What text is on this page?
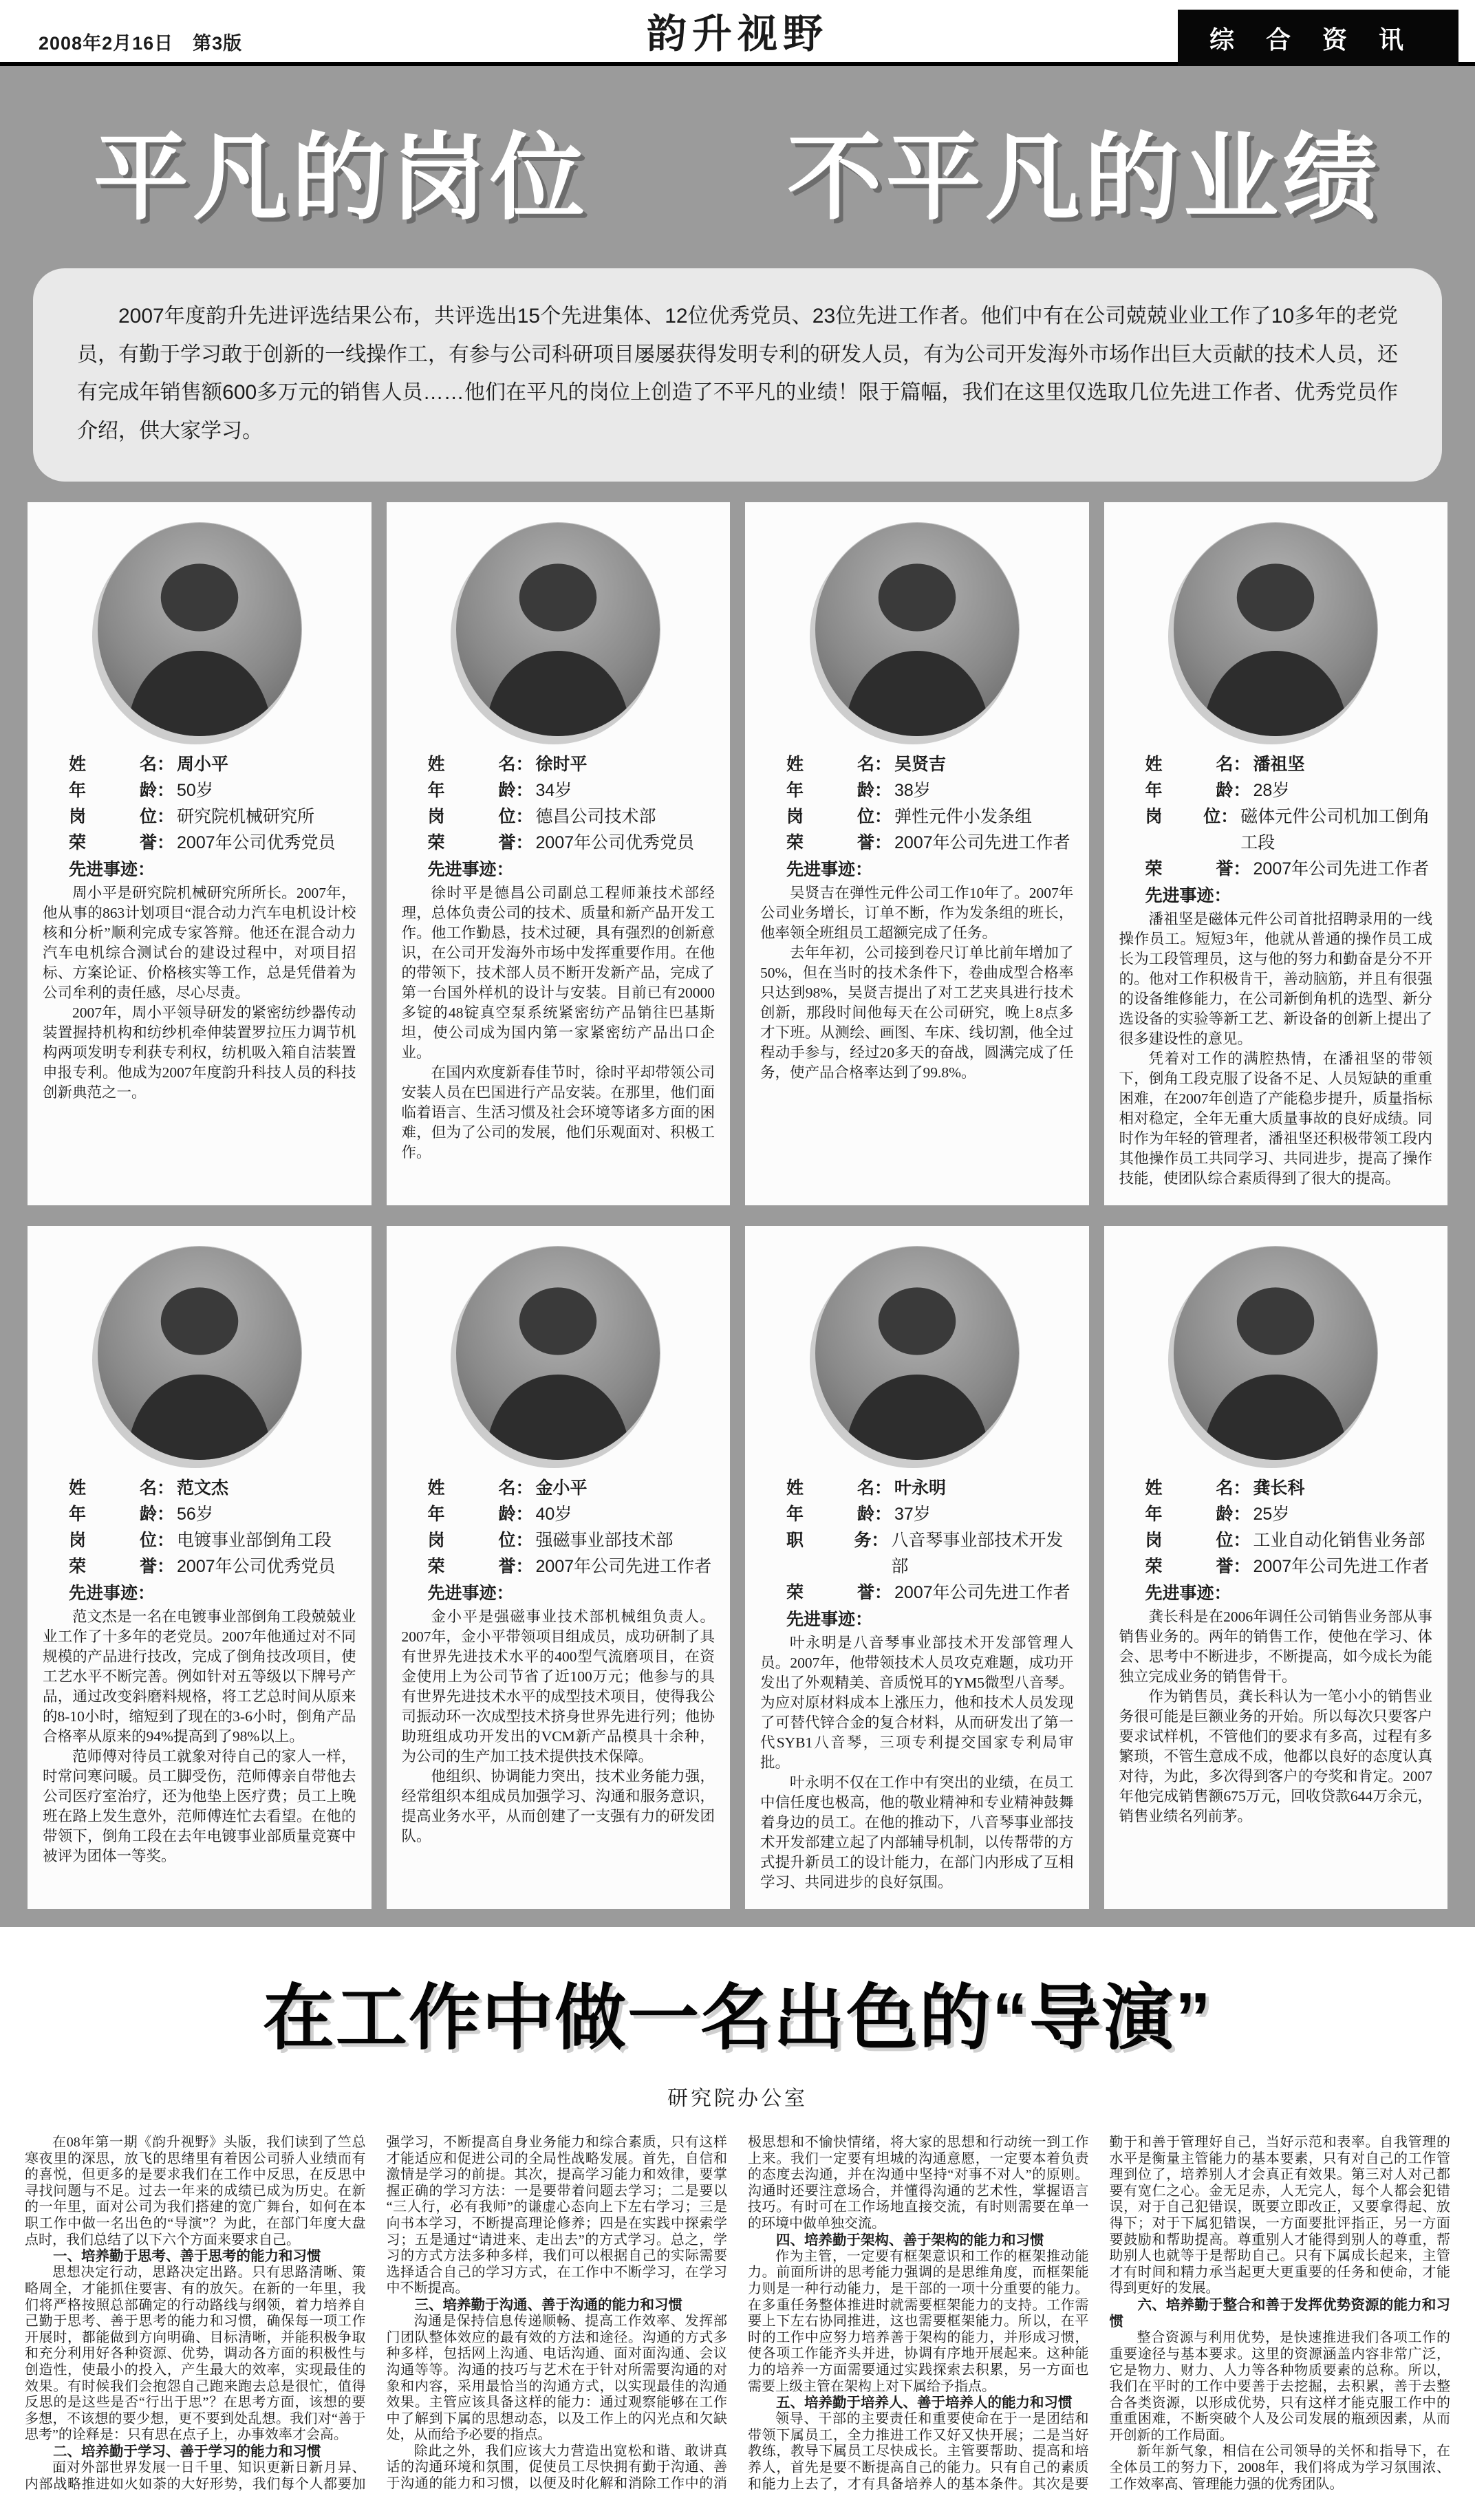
2008年2月16日　第3版	韵升视野	综合资讯
平凡的岗位　　不平凡的业绩
2007年度韵升先进评选结果公布，共评选出15个先进集体、12位优秀党员、23位先进工作者。他们中有在公司兢兢业业工作了10多年的老党员，有勤于学习敢于创新的一线操作工，有参与公司科研项目屡屡获得发明专利的研发人员，有为公司开发海外市场作出巨大贡献的技术人员，还有完成年销售额600多万元的销售人员……他们在平凡的岗位上创造了不平凡的业绩！限于篇幅，我们在这里仅选取几位先进工作者、优秀党员作介绍，供大家学习。
姓	名 ： 周小平
年	龄 ： 50岁
岗	位 ： 研究院机械研究所
荣	誉 ： 2007年公司优秀党员
先进事迹：

周小平是研究院机械研究所所长。2007年，他从事的863计划项目“混合动力汽车电机设计校核和分析”顺利完成专家答辩。他还在混合动力汽车电机综合测试台的建设过程中，对项目招标、方案论证、价格核实等工作，总是凭借着为公司牟利的责任感，尽心尽责。

2007年，周小平领导研发的紧密纺纱器传动装置握持机构和纺纱机牵伸装置罗拉压力调节机构两项发明专利获专利权，纺机吸入箱自洁装置申报专利。他成为2007年度韵升科技人员的科技创新典范之一。

姓	名 ： 徐时平
年	龄 ： 34岁
岗	位 ： 德昌公司技术部
荣	誉 ： 2007年公司优秀党员
先进事迹：

徐时平是德昌公司副总工程师兼技术部经理，总体负责公司的技术、质量和新产品开发工作。他工作勤恳，技术过硬，具有强烈的创新意识，在公司开发海外市场中发挥重要作用。在他的带领下，技术部人员不断开发新产品，完成了第一台国外样机的设计与安装。目前已有20000多锭的48锭真空泵系统紧密纺产品销往巴基斯坦，使公司成为国内第一家紧密纺产品出口企业。

在国内欢度新春佳节时，徐时平却带领公司安装人员在巴国进行产品安装。在那里，他们面临着语言、生活习惯及社会环境等诸多方面的困难，但为了公司的发展，他们乐观面对、积极工作。

姓	名 ： 吴贤吉
年	龄 ： 38岁
岗	位 ： 弹性元件小发条组
荣	誉 ： 2007年公司先进工作者
先进事迹：

吴贤吉在弹性元件公司工作10年了。2007年公司业务增长，订单不断，作为发条组的班长，他率领全班组员工超额完成了任务。

去年年初，公司接到卷尺订单比前年增加了50%，但在当时的技术条件下，卷曲成型合格率只达到98%，吴贤吉提出了对工艺夹具进行技术创新，那段时间他每天在公司研究，晚上8点多才下班。从测绘、画图、车床、线切割，他全过程动手参与，经过20多天的奋战，圆满完成了任务，使产品合格率达到了99.8%。

姓	名 ： 潘祖坚
年	龄 ： 28岁
岗 位 ： 磁体元件公司机加工倒角工段
荣	誉 ： 2007年公司先进工作者
先进事迹：

潘祖坚是磁体元件公司首批招聘录用的一线操作员工。短短3年，他就从普通的操作员工成长为工段管理员，这与他的努力和勤奋是分不开的。他对工作积极肯干，善动脑筋，并且有很强的设备维修能力，在公司新倒角机的选型、新分选设备的实验等新工艺、新设备的创新上提出了很多建设性的意见。

凭着对工作的满腔热情，在潘祖坚的带领下，倒角工段克服了设备不足、人员短缺的重重困难，在2007年创造了产能稳步提升，质量指标相对稳定，全年无重大质量事故的良好成绩。同时作为年轻的管理者，潘祖坚还积极带领工段内其他操作员工共同学习、共同进步，提高了操作技能，使团队综合素质得到了很大的提高。

姓	名 ： 范文杰
年	龄 ： 56岁
岗	位 ： 电镀事业部倒角工段
荣	誉 ： 2007年公司优秀党员
先进事迹：

范文杰是一名在电镀事业部倒角工段兢兢业业工作了十多年的老党员。2007年他通过对不同规模的产品进行技改，完成了倒角技改项目，使工艺水平不断完善。例如针对五等级以下牌号产品，通过改变斜磨料规格，将工艺总时间从原来的8-10小时，缩短到了现在的3-6小时，倒角产品合格率从原来的94%提高到了98%以上。

范师傅对待员工就象对待自己的家人一样，时常问寒问暖。员工脚受伤，范师傅亲自带他去公司医疗室治疗，还为他垫上医疗费；员工上晚班在路上发生意外，范师傅连忙去看望。在他的带领下，倒角工段在去年电镀事业部质量竞赛中被评为团体一等奖。

姓	名 ： 金小平
年	龄 ： 40岁
岗	位 ： 强磁事业部技术部
荣	誉 ： 2007年公司先进工作者
先进事迹：

金小平是强磁事业技术部机械组负责人。2007年，金小平带领项目组成员，成功研制了具有世界先进技术水平的400型气流磨项目，在资金使用上为公司节省了近100万元；他参与的具有世界先进技术水平的成型技术项目，使得我公司振动环一次成型技术挤身世界先进行列；他协助班组成功开发出的VCM新产品模具十余种，为公司的生产加工技术提供技术保障。

他组织、协调能力突出，技术业务能力强，经常组织本组成员加强学习、沟通和服务意识，提高业务水平，从而创建了一支强有力的研发团队。

姓	名 ： 叶永明
年	龄 ： 37岁
职	务 ： 八音琴事业部技术开发部
荣	誉 ： 2007年公司先进工作者
先进事迹：

叶永明是八音琴事业部技术开发部管理人员。2007年，他带领技术人员攻克难题，成功开发出了外观精美、音质悦耳的YM5微型八音琴。为应对原材料成本上涨压力，他和技术人员发现了可替代锌合金的复合材料，从而研发出了第一代SYB1八音琴，三项专利提交国家专利局审批。

叶永明不仅在工作中有突出的业绩，在员工中信任度也极高，他的敬业精神和专业精神鼓舞着身边的员工。在他的推动下，八音琴事业部技术开发部建立起了内部辅导机制，以传帮带的方式提升新员工的设计能力，在部门内形成了互相学习、共同进步的良好氛围。

姓	名 ： 龚长科
年	龄 ： 25岁
岗	位 ： 工业自动化销售业务部
荣	誉 ： 2007年公司先进工作者
先进事迹：

龚长科是在2006年调任公司销售业务部从事销售业务的。两年的销售工作，使他在学习、体会、思考中不断进步，不断提高，如今成长为能独立完成业务的销售骨干。

作为销售员，龚长科认为一笔小小的销售业务很可能是巨额业务的开始。所以每次只要客户要求试样机，不管他们的要求有多高，过程有多繁琐，不管生意成不成，他都以良好的态度认真对待，为此，多次得到客户的夸奖和肯定。2007年他完成销售额675万元，回收贷款644万余元，销售业绩名列前茅。

在工作中做一名出色的“导演”
研究院办公室

在08年第一期《韵升视野》头版，我们读到了竺总寒夜里的深思，放飞的思绪里有着因公司骄人业绩而有的喜悦，但更多的是要求我们在工作中反思，在反思中寻找问题与不足。过去一年来的成绩已成为历史。在新的一年里，面对公司为我们搭建的宽广舞台，如何在本职工作中做一名出色的“导演”？为此，在部门年度大盘点时，我们总结了以下六个方面来要求自己。

一、培养勤于思考、善于思考的能力和习惯

思想决定行动，思路决定出路。只有思路清晰、策略周全，才能抓住要害、有的放矢。在新的一年里，我们将严格按照总部确定的行动路线与纲领，着力培养自己勤于思考、善于思考的能力和习惯，确保每一项工作开展时，都能做到方向明确、目标清晰，并能积极争取和充分利用好各种资源、优势，调动各方面的积极性与创造性，使最小的投入，产生最大的效率，实现最佳的效果。有时候我们会抱怨自己跑来跑去总是很忙，值得反思的是这些是否“行出于思”？在思考方面，该想的要多想，不该想的要少想，更不要到处乱想。我们对“善于思考”的诠释是：只有思在点子上，办事效率才会高。

二、培养勤于学习、善于学习的能力和习惯

面对外部世界发展一日千里、知识更新日新月异、内部战略推进如火如荼的大好形势，我们每个人都要加强学习，不断提高自身业务能力和综合素质，只有这样才能适应和促进公司的全局性战略发展。首先，自信和激情是学习的前提。其次，提高学习能力和效律，要掌握正确的学习方法：一是要带着问题去学习；二是要以“三人行，必有我师”的谦虚心态向上下左右学习；三是向书本学习，不断提高理论修养；四是在实践中探索学习；五是通过“请进来、走出去”的方式学习。总之，学习的方式方法多种多样，我们可以根据自己的实际需要选择适合自己的学习方式，在工作中不断学习，在学习中不断提高。

三、培养勤于沟通、善于沟通的能力和习惯

沟通是保持信息传递顺畅、提高工作效率、发挥部门团队整体效应的最有效的方法和途径。沟通的方式多种多样，包括网上沟通、电话沟通、面对面沟通、会议沟通等等。沟通的技巧与艺术在于针对所需要沟通的对象和内容，采用最恰当的沟通方式，以实现最佳的沟通效果。主管应该具备这样的能力：通过观察能够在工作中了解到下属的思想动态，以及工作上的闪光点和欠缺处，从而给予必要的指点。

除此之外，我们应该大力营造出宽松和谐、敢讲真话的沟通环境和氛围，促使员工尽快拥有勤于沟通、善于沟通的能力和习惯，以便及时化解和消除工作中的消极思想和不愉快情绪，将大家的思想和行动统一到工作上来。我们一定要有坦城的沟通意愿，一定要本着负责的态度去沟通，并在沟通中坚持“对事不对人”的原则。沟通时还要注意场合，并懂得沟通的艺术性，掌握语言技巧。有时可在工作场地直接交流，有时则需要在单一的环境中做单独交流。

四、培养勤于架构、善于架构的能力和习惯

作为主管，一定要有框架意识和工作的框架推动能力。前面所讲的思考能力强调的是思维角度，而框架能力则是一种行动能力，是干部的一项十分重要的能力。在多重任务整体推进时就需要框架能力的支持。工作需要上下左右协同推进，这也需要框架能力。所以，在平时的工作中应努力培养善于架构的能力，并形成习惯，使各项工作能齐头并进，协调有序地开展起来。这种能力的培养一方面需要通过实践探索去积累，另一方面也需要上级主管在架构上对下属给予指点。

五、培养勤于培养人、善于培养人的能力和习惯

领导、干部的主要责任和重要使命在于一是团结和带领下属员工，全力推进工作又好又快开展；二是当好教练，教导下属员工尽快成长。主管要帮助、提高和培养人，首先是要不断提高自己的能力。只有自己的素质和能力上去了，才有具备培养人的基本条件。其次是要勤于和善于管理好自己，当好示范和表率。自我管理的水平是衡量主管能力的基本要素，只有对自己的工作管理到位了，培养别人才会真正有效果。第三对人对己都要有宽仁之心。金无足赤，人无完人，每个人都会犯错误，对于自己犯错误，既要立即改正，又要拿得起、放得下；对于下属犯错误，一方面要批评指正，另一方面要鼓励和帮助提高。尊重别人才能得到别人的尊重，帮助别人也就等于是帮助自己。只有下属成长起来，主管才有时间和精力承当起更大更重要的任务和使命，才能得到更好的发展。

六、培养勤于整合和善于发挥优势资源的能力和习惯

整合资源与利用优势，是快速推进我们各项工作的重要途径与基本要求。这里的资源涵盖内容非常广泛，它是物力、财力、人力等各种物质要素的总称。所以，我们在平时的工作中要善于去挖掘，去积累，善于去整合各类资源，以形成优势，只有这样才能克服工作中的重重困难，不断突破个人及公司发展的瓶颈因素，从而开创新的工作局面。

新年新气象，相信在公司领导的关怀和指导下，在全体员工的努力下，2008年，我们将成为学习氛围浓、工作效率高、管理能力强的优秀团队。
